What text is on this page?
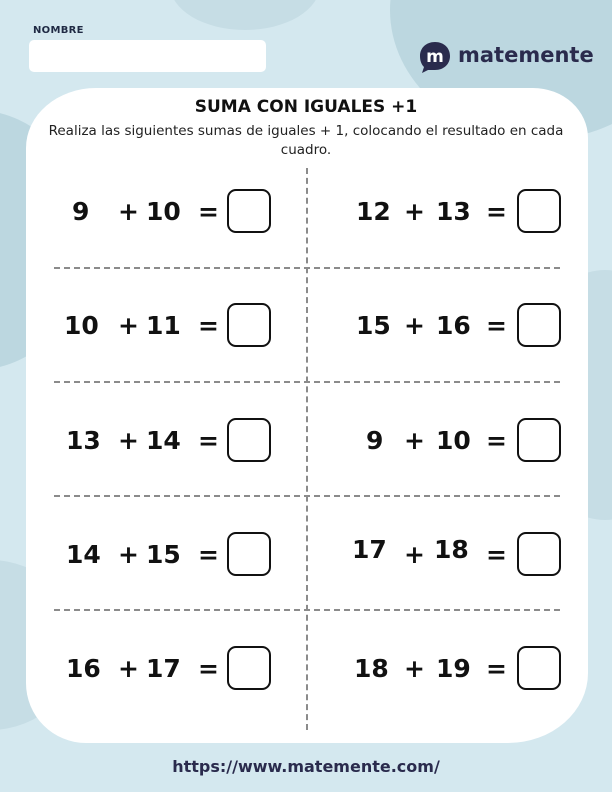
NOMBRE
m matemente
SUMA CON IGUALES +1
Realiza las siguientes sumas de iguales + 1, colocando el resultado en cada cuadro.
9 + 10 =
10 + 11 =
13 + 14 =
14 + 15 =
16 + 17 =
12 + 13 =
15 + 16 =
9 + 10 =
17 + 18 =
18 + 19 =
https://www.matemente.com/
